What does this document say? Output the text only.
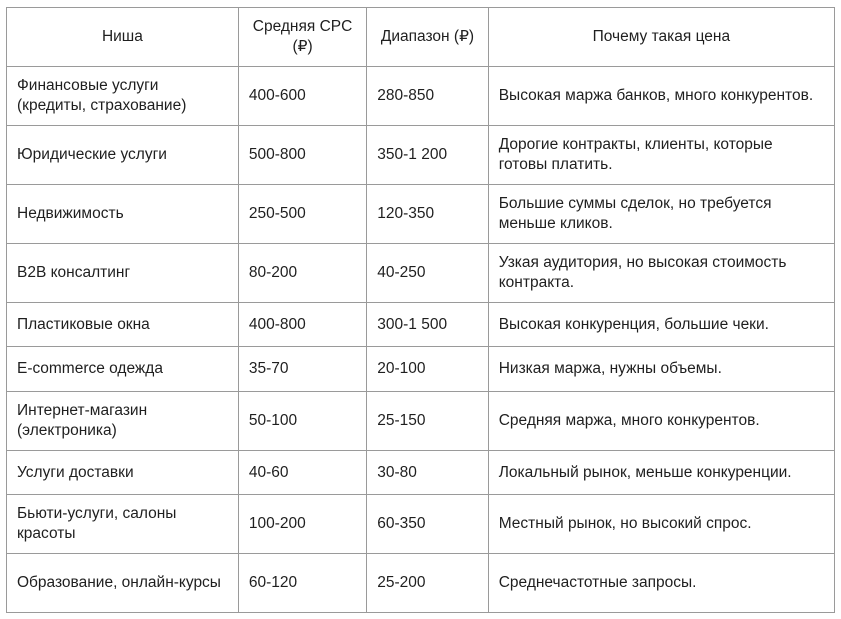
Ниша	Средняя CPC (₽)	Диапазон (₽)	Почему такая цена
Финансовые услуги (кредиты, страхование)	400-600	280-850	Высокая маржа банков, много конкурентов.
Юридические услуги	500-800	350-1 200	Дорогие контракты, клиенты, которые готовы платить.
Недвижимость	250-500	120-350	Большие суммы сделок, но требуется меньше кликов.
B2B консалтинг	80-200	40-250	Узкая аудитория, но высокая стоимость контракта.
Пластиковые окна	400-800	300-1 500	Высокая конкуренция, большие чеки.
E-commerce одежда	35-70	20-100	Низкая маржа, нужны объемы.
Интернет-магазин (электроника)	50-100	25-150	Средняя маржа, много конкурентов.
Услуги доставки	40-60	30-80	Локальный рынок, меньше конкуренции.
Бьюти-услуги, салоны красоты	100-200	60-350	Местный рынок, но высокий спрос.
Образование, онлайн-курсы	60-120	25-200	Среднечастотные запросы.
